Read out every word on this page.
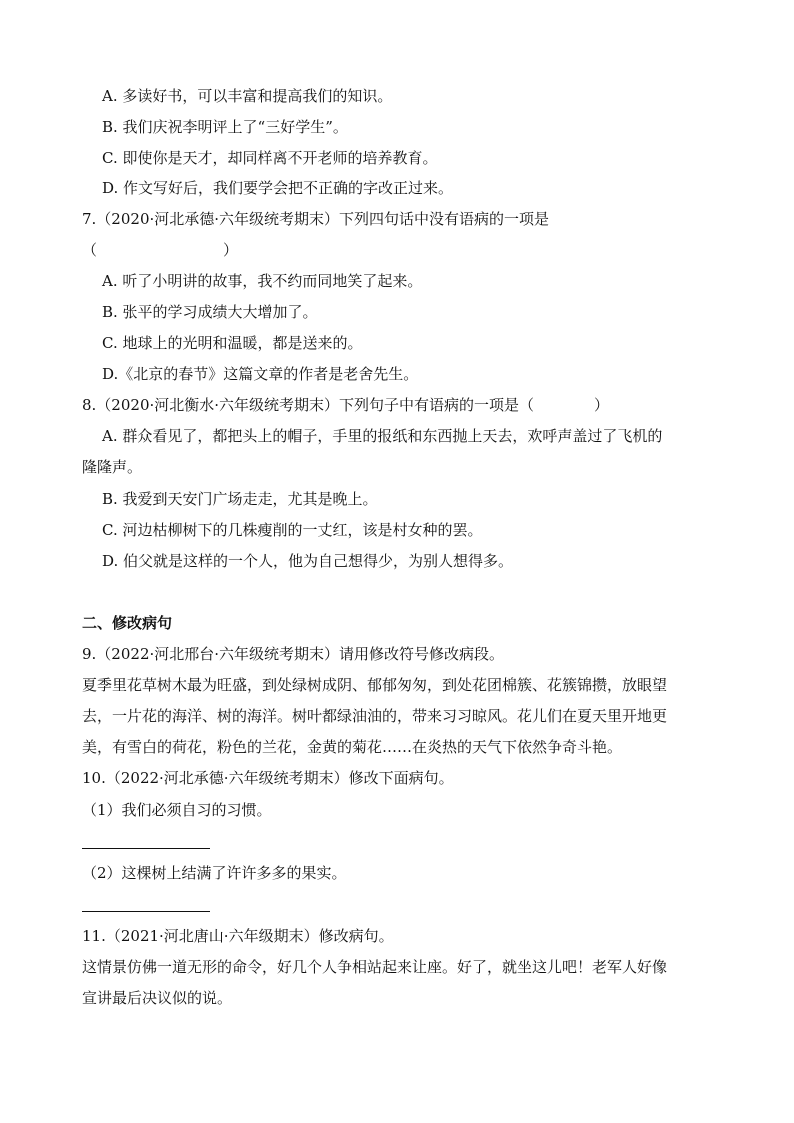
A. 多读好书，可以丰富和提高我们的知识。
B. 我们庆祝李明评上了“三好学生”。
C. 即使你是天才，却同样离不开老师的培养教育。
D. 作文写好后，我们要学会把不正确的字改正过来。
7.（2020·河北承德·六年级统考期末）下列四句话中没有语病的一项是
（	）
A. 听了小明讲的故事，我不约而同地笑了起来。
B. 张平的学习成绩大大增加了。
C. 地球上的光明和温暖，都是送来的。
D.《北京的春节》这篇文章的作者是老舍先生。
8.（2020·河北衡水·六年级统考期末）下列句子中有语病的一项是（	）
A. 群众看见了，都把头上的帽子，手里的报纸和东西抛上天去，欢呼声盖过了飞机的
隆隆声。
B. 我爱到天安门广场走走，尤其是晚上。
C. 河边枯柳树下的几株瘦削的一丈红，该是村女种的罢。
D. 伯父就是这样的一个人，他为自己想得少，为别人想得多。
二、修改病句
9.（2022·河北邢台·六年级统考期末）请用修改符号修改病段。
夏季里花草树木最为旺盛，到处绿树成阴、郁郁匆匆，到处花团棉簇、花簇锦攒，放眼望
去，一片花的海洋、树的海洋。树叶都绿油油的，带来习习晾风。花儿们在夏天里开地更
美，有雪白的荷花，粉色的兰花，金黄的菊花……在炎热的天气下依然争奇斗艳。
10.（2022·河北承德·六年级统考期末）修改下面病句。
（1）我们必须自习的习惯。
（2）这棵树上结满了许许多多的果实。
11.（2021·河北唐山·六年级期末）修改病句。
这情景仿佛一道无形的命令，好几个人争相站起来让座。好了，就坐这儿吧！老军人好像
宣讲最后决议似的说。
